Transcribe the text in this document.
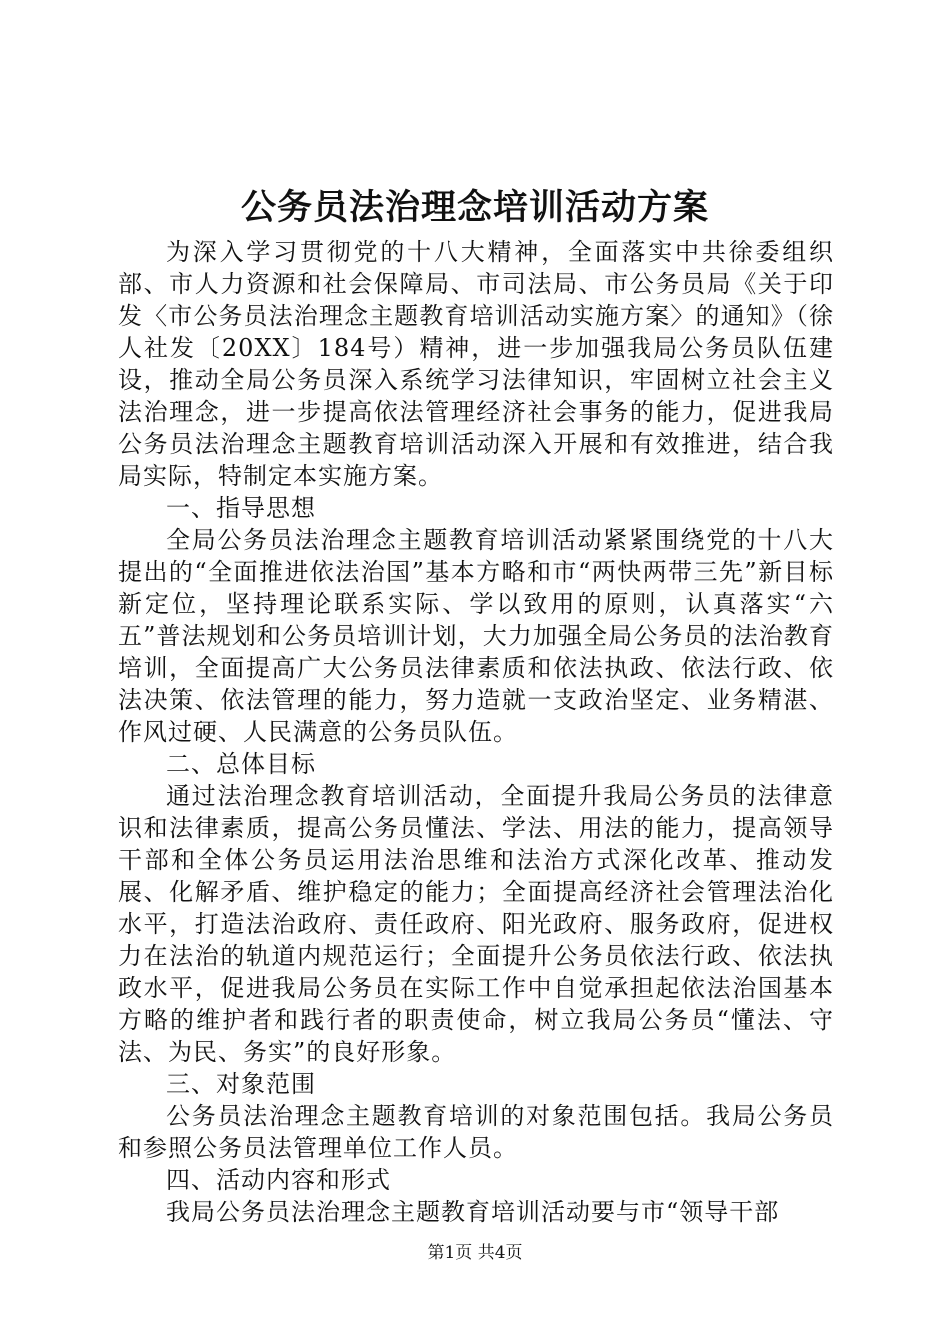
公务员法治理念培训活动方案

为深入学习贯彻党的十八大精神，全面落实中共徐委组织部、市人力资源和社会保障局、市司法局、市公务员局《关于印发〈市公务员法治理念主题教育培训活动实施方案〉的通知》（徐人社发〔20XX〕184号）精神，进一步加强我局公务员队伍建设，推动全局公务员深入系统学习法律知识，牢固树立社会主义法治理念，进一步提高依法管理经济社会事务的能力，促进我局公务员法治理念主题教育培训活动深入开展和有效推进，结合我局实际，特制定本实施方案。

一、指导思想

全局公务员法治理念主题教育培训活动紧紧围绕党的十八大提出的“全面推进依法治国”基本方略和市“两快两带三先”新目标新定位，坚持理论联系实际、学以致用的原则，认真落实“六五”普法规划和公务员培训计划，大力加强全局公务员的法治教育培训，全面提高广大公务员法律素质和依法执政、依法行政、依法决策、依法管理的能力，努力造就一支政治坚定、业务精湛、作风过硬、人民满意的公务员队伍。

二、总体目标

通过法治理念教育培训活动，全面提升我局公务员的法律意识和法律素质，提高公务员懂法、学法、用法的能力，提高领导干部和全体公务员运用法治思维和法治方式深化改革、推动发展、化解矛盾、维护稳定的能力；全面提高经济社会管理法治化水平，打造法治政府、责任政府、阳光政府、服务政府，促进权力在法治的轨道内规范运行；全面提升公务员依法行政、依法执政水平，促进我局公务员在实际工作中自觉承担起依法治国基本方略的维护者和践行者的职责使命，树立我局公务员“懂法、守法、为民、务实”的良好形象。

三、对象范围

公务员法治理念主题教育培训的对象范围包括。我局公务员和参照公务员法管理单位工作人员。

四、活动内容和形式

我局公务员法治理念主题教育培训活动要与市“领导干部

第1页 共4页
